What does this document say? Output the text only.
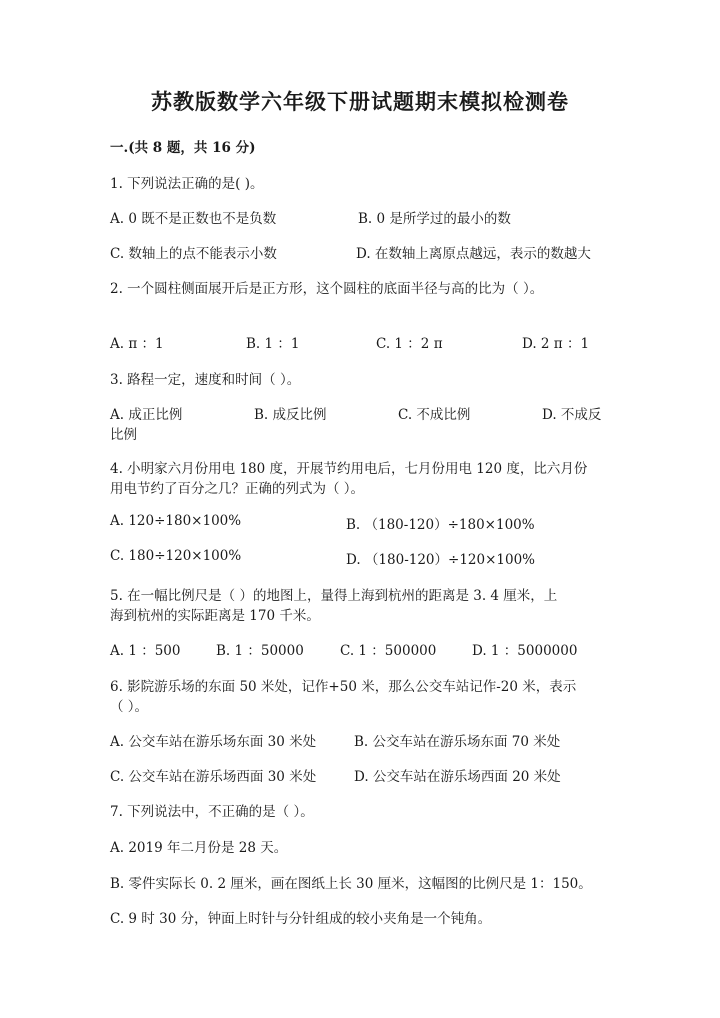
苏教版数学六年级下册试题期末模拟检测卷
一.(共 8 题，共 16 分)
1. 下列说法正确的是( )。
A. 0 既不是正数也不是负数	B. 0 是所学过的最小的数
C. 数轴上的点不能表示小数	D. 在数轴上离原点越远，表示的数越大
2. 一个圆柱侧面展开后是正方形，这个圆柱的底面半径与高的比为（ ）。
A. π ：1	B. 1 ：1	C. 1 ：2 π	D. 2 π ：1
3. 路程一定，速度和时间（ ）。
A. 成正比例	B. 成反比例	C. 不成比例	D. 不成反
比例
4. 小明家六月份用电 180 度，开展节约用电后，七月份用电 120 度，比六月份
用电节约了百分之几？正确的列式为（ ）。
A. 120÷180×100%	B. （180-120）÷180×100%
C. 180÷120×100%	D. （180-120）÷120×100%
5. 在一幅比例尺是（ ）的地图上，量得上海到杭州的距离是 3. 4 厘米，上
海到杭州的实际距离是 170 千米。
A. 1 ：500	B. 1 ：50000	C. 1 ：500000	D. 1 ：5000000
6. 影院游乐场的东面 50 米处，记作+50 米，那么公交车站记作-20 米，表示
（ ）。
A. 公交车站在游乐场东面 30 米处	B. 公交车站在游乐场东面 70 米处
C. 公交车站在游乐场西面 30 米处	D. 公交车站在游乐场西面 20 米处
7. 下列说法中，不正确的是（ ）。
A. 2019 年二月份是 28 天。
B. 零件实际长 0. 2 厘米，画在图纸上长 30 厘米，这幅图的比例尺是 1：150。
C. 9 时 30 分，钟面上时针与分针组成的较小夹角是一个钝角。
